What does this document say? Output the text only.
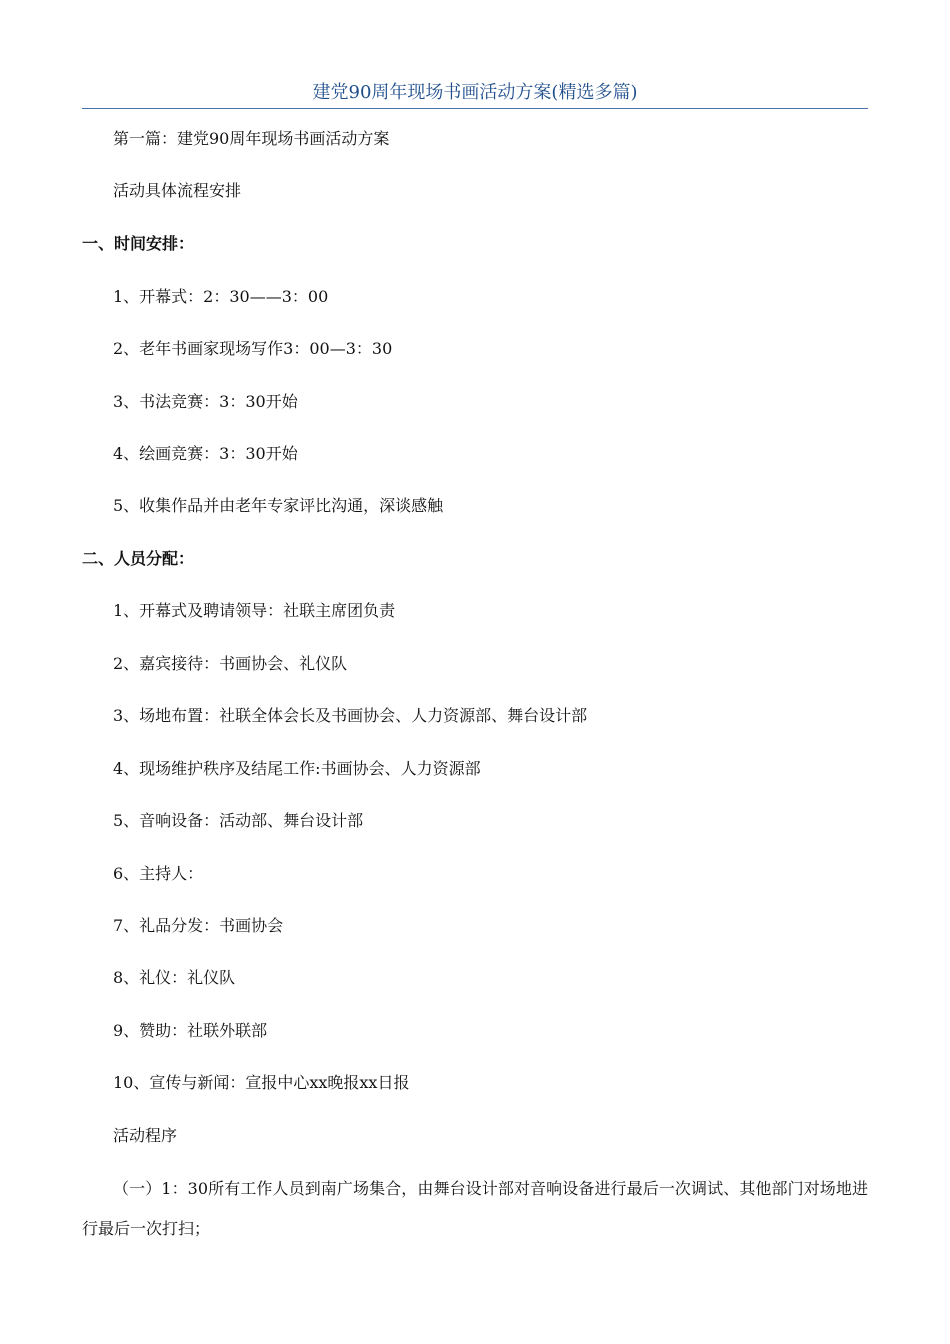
建党90周年现场书画活动方案(精选多篇)
第一篇：建党90周年现场书画活动方案
活动具体流程安排
一、时间安排：
1、开幕式：2：30——3：00
2、老年书画家现场写作3：00—3：30
3、书法竞赛：3：30开始
4、绘画竞赛：3：30开始
5、收集作品并由老年专家评比沟通，深谈感触
二、人员分配：
1、开幕式及聘请领导：社联主席团负责
2、嘉宾接待：书画协会、礼仪队
3、场地布置：社联全体会长及书画协会、人力资源部、舞台设计部
4、现场维护秩序及结尾工作:书画协会、人力资源部
5、音响设备：活动部、舞台设计部
6、主持人：
7、礼品分发：书画协会
8、礼仪：礼仪队
9、赞助：社联外联部
10、宣传与新闻：宣报中心xx晚报xx日报
活动程序
（一）1：30所有工作人员到南广场集合，由舞台设计部对音响设备进行最后一次调试、其他部门对场地进行最后一次打扫；
